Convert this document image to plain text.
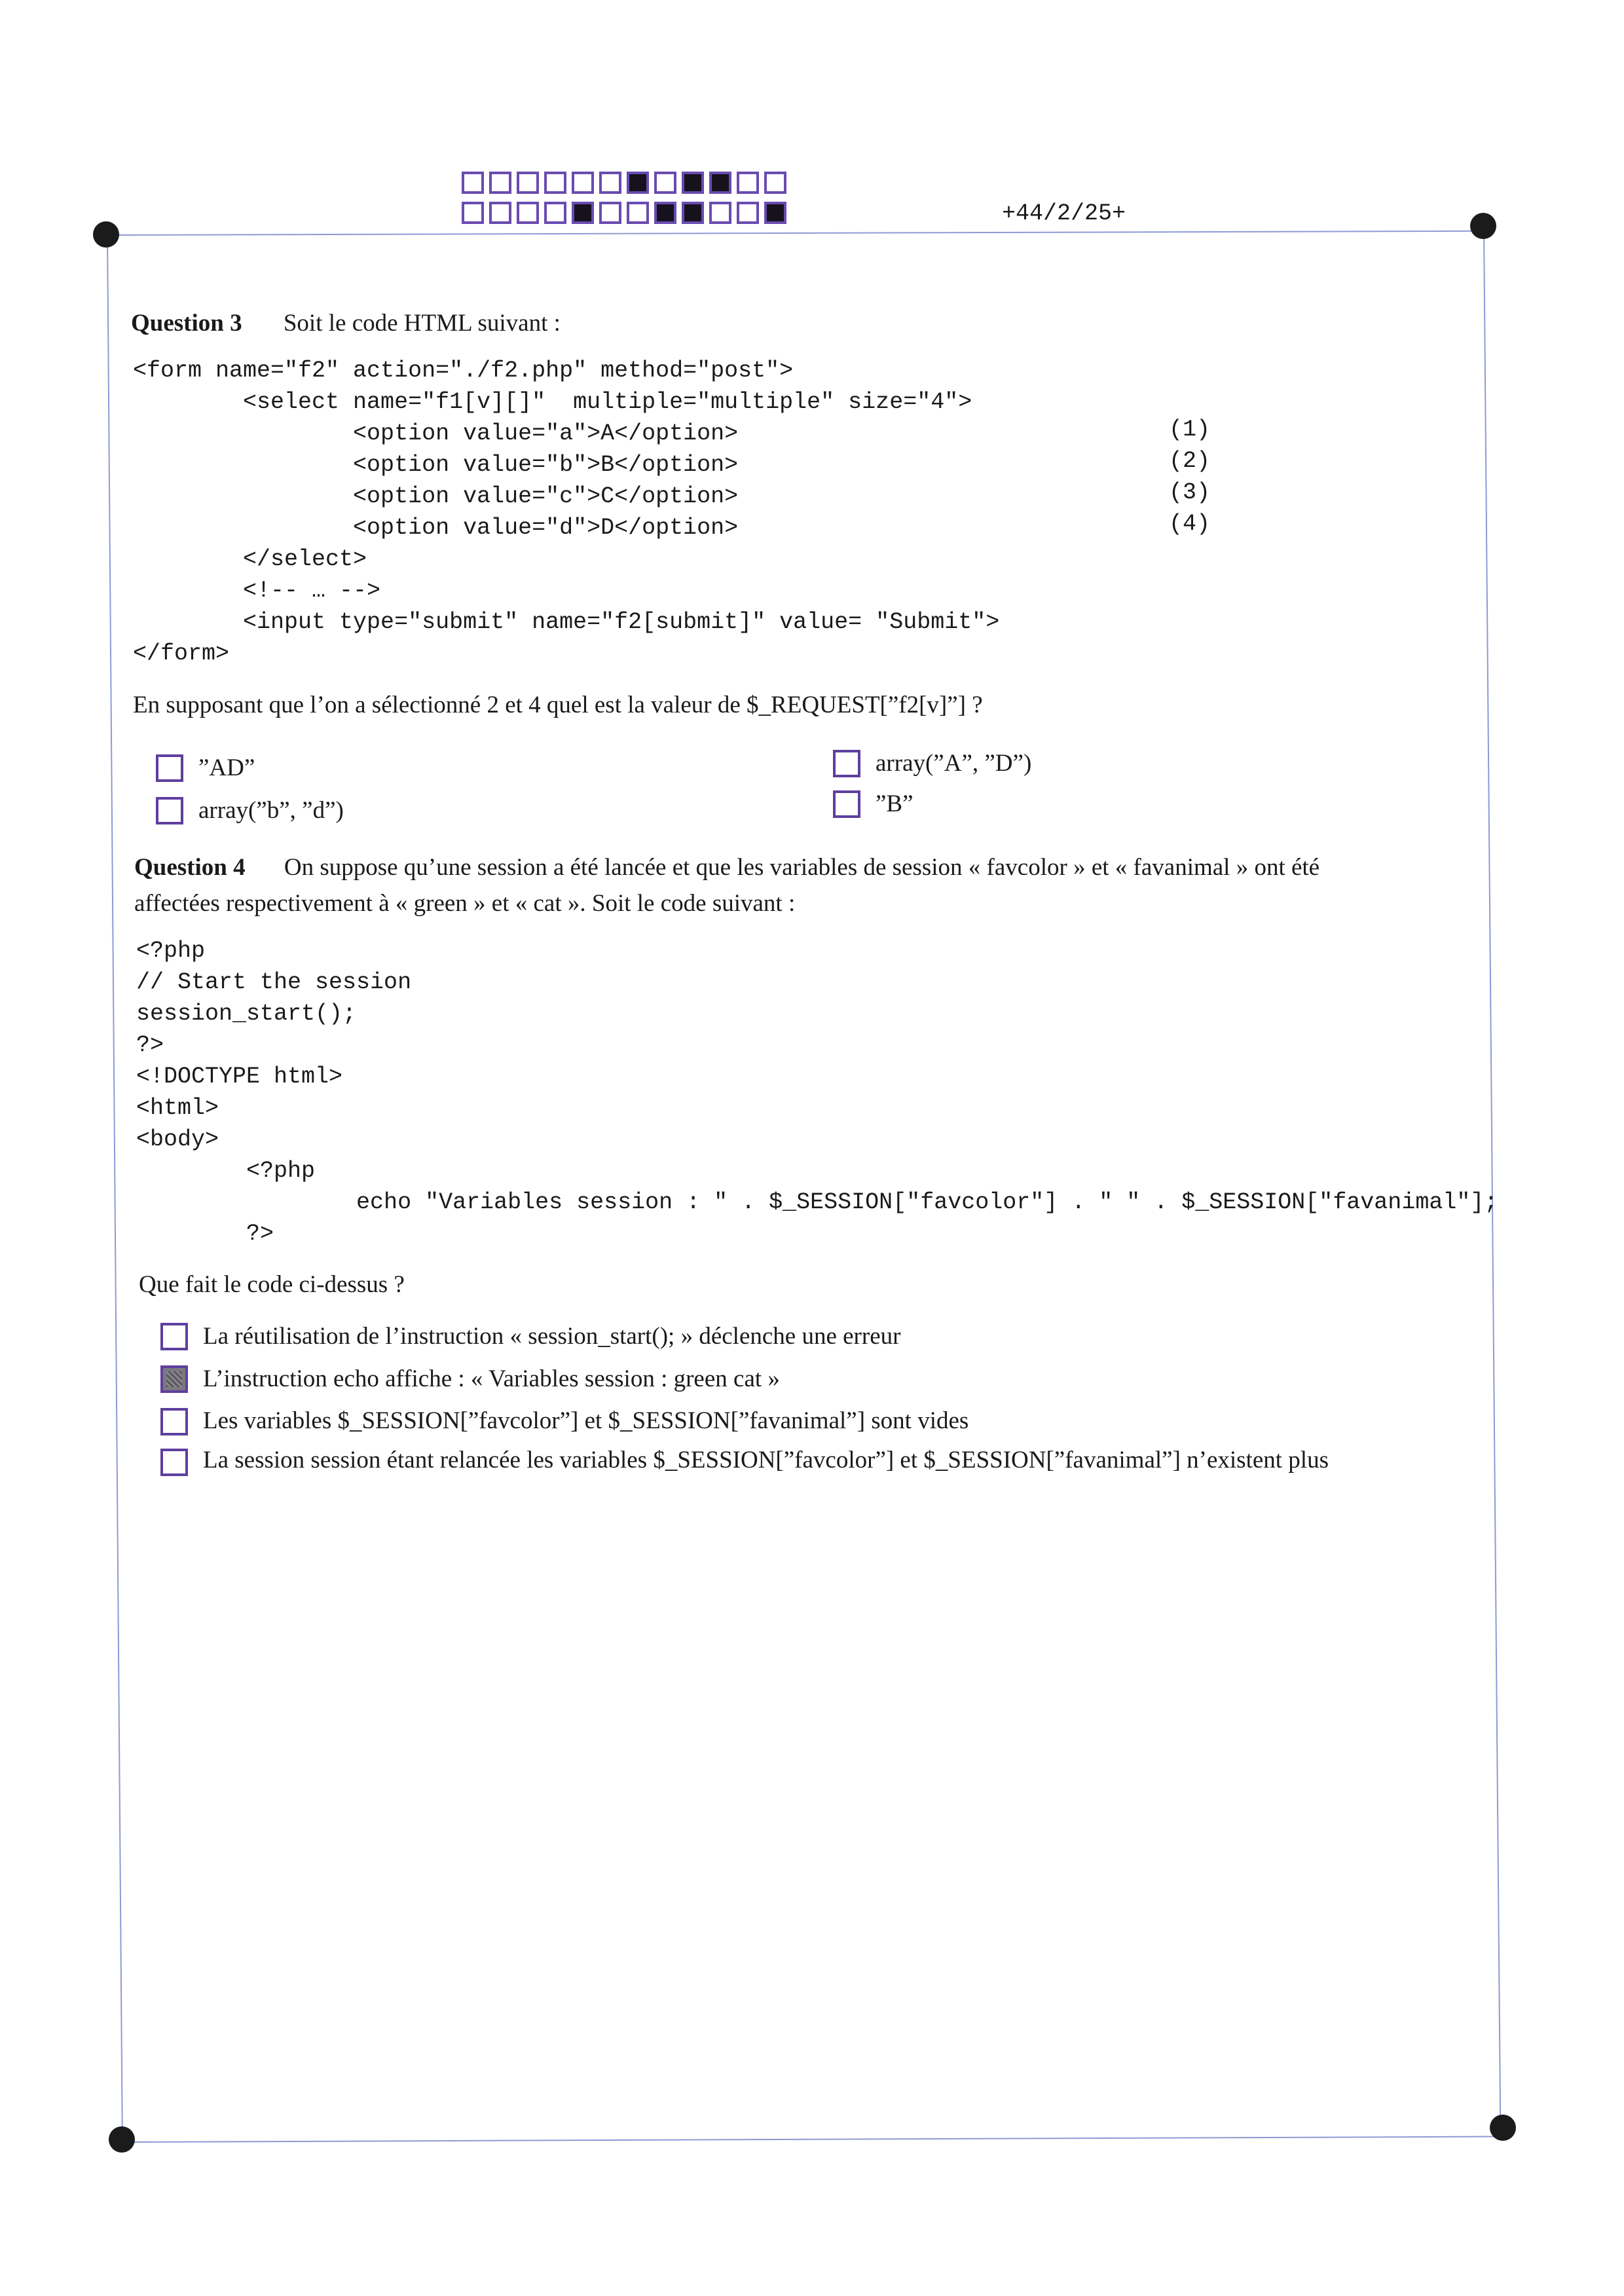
+44/2/25+
Question 3 Soit le code HTML suivant :
<form name="f2" action="./f2.php" method="post">
<select name="f1[v][]"  multiple="multiple" size="4">
<option value="a">A</option>
<option value="b">B</option>
<option value="c">C</option>
<option value="d">D</option>
</select>
<!-- … -->
<input type="submit" name="f2[submit]" value= "Submit">
</form>
(1)
(2)
(3)
(4)
En supposant que l’on a sélectionné 2 et 4 quel est la valeur de $_REQUEST[”f2[v]”] ?
”AD”
array(”b”, ”d”)
array(”A”, ”D”)
”B”
Question 4 On suppose qu’une session a été lancée et que les variables de session « favcolor » et « favanimal » ont été
affectées respectivement à « green » et « cat ». Soit le code suivant :
<?php
// Start the session
session_start();
?>
<!DOCTYPE html>
<html>
<body>
<?php
echo "Variables session : " . $_SESSION["favcolor"] . " " . $_SESSION["favanimal"];
?>
Que fait le code ci-dessus ?
La réutilisation de l’instruction « session_start(); » déclenche une erreur
L’instruction echo affiche : « Variables session : green cat »
Les variables $_SESSION[”favcolor”] et $_SESSION[”favanimal”] sont vides
La session session étant relancée les variables $_SESSION[”favcolor”] et $_SESSION[”favanimal”] n’existent plus
